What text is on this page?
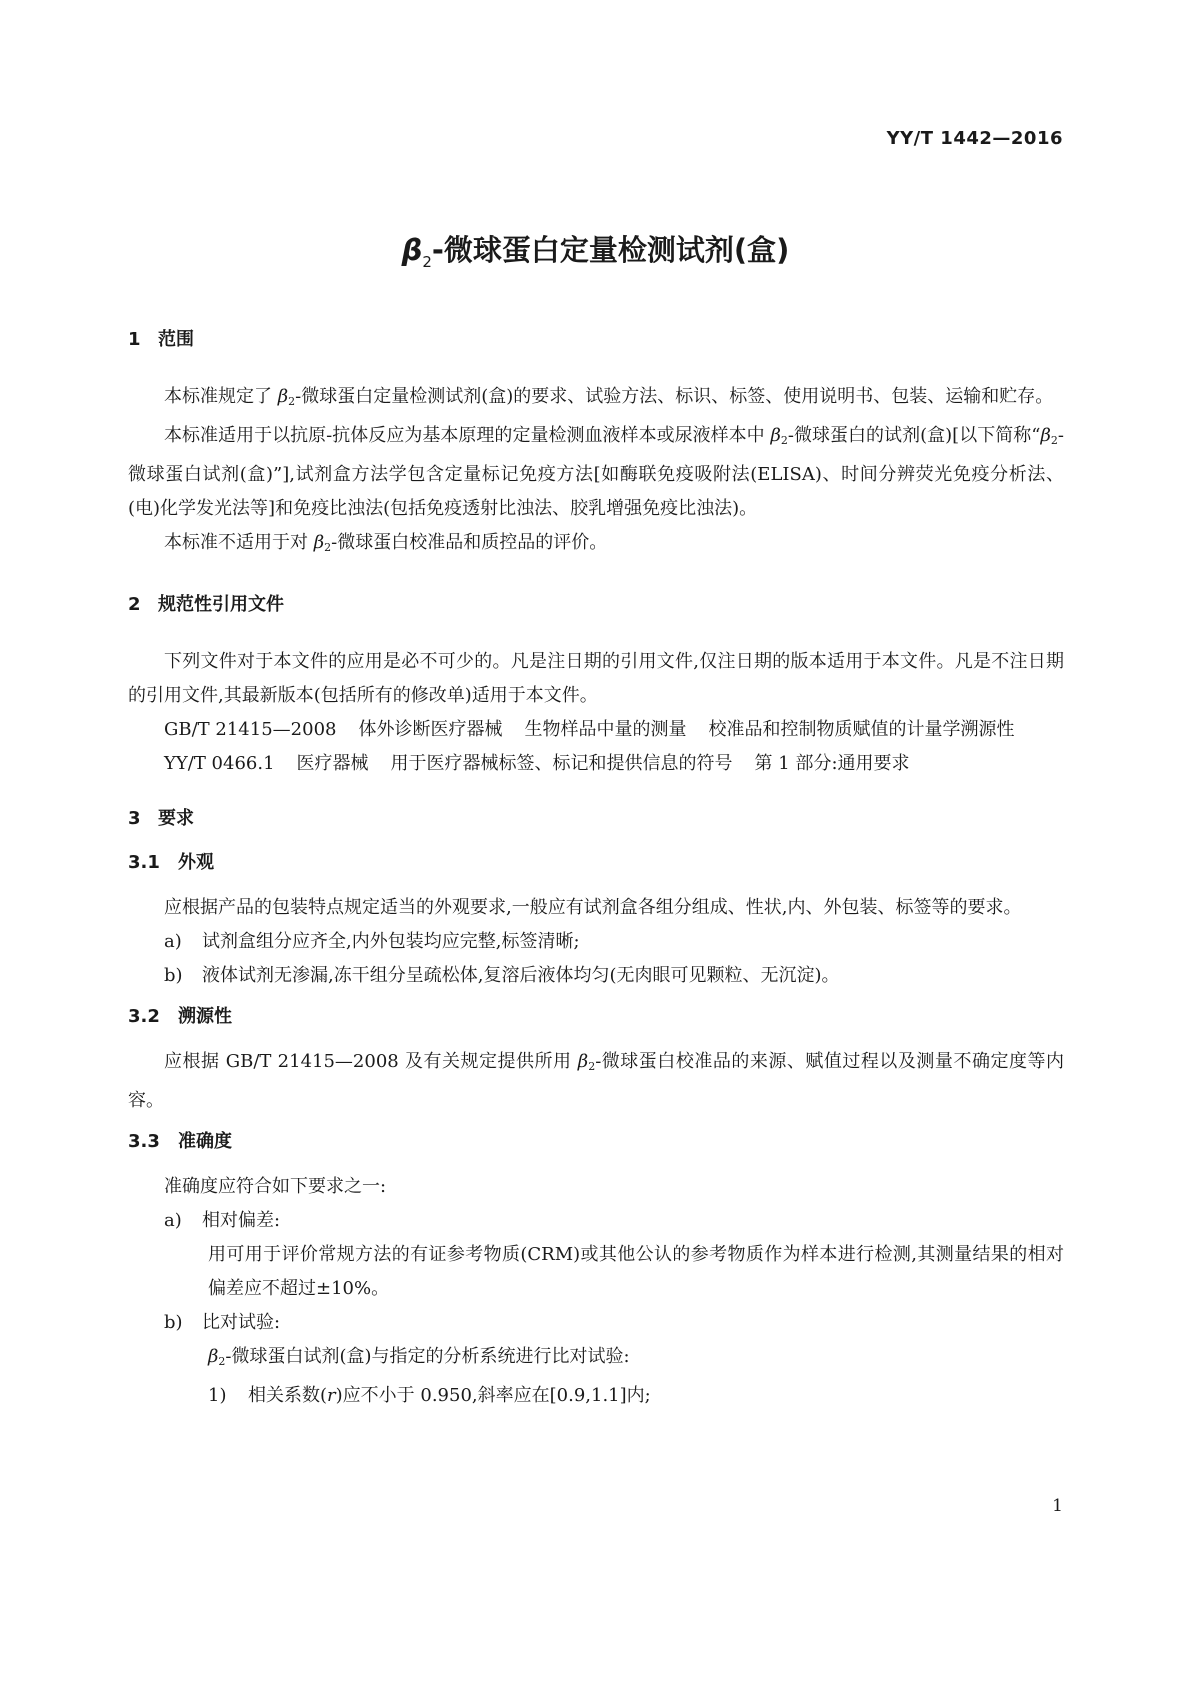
YY/T 1442—2016
$\beta_2-$微球蛋白定量检测试剂(盒)
1 范围

本标准规定了 β2-微球蛋白定量检测试剂(盒)的要求、试验方法、标识、标签、使用说明书、包装、运输和贮存。

本标准适用于以抗原-抗体反应为基本原理的定量检测血液样本或尿液样本中 β2-微球蛋白的试剂(盒)[以下简称“β2-微球蛋白试剂(盒)”],试剂盒方法学包含定量标记免疫方法[如酶联免疫吸附法(ELISA)、时间分辨荧光免疫分析法、(电)化学发光法等]和免疫比浊法(包括免疫透射比浊法、胶乳增强免疫比浊法)。

本标准不适用于对 β2-微球蛋白校准品和质控品的评价。

2 规范性引用文件

下列文件对于本文件的应用是必不可少的。凡是注日期的引用文件,仅注日期的版本适用于本文件。凡是不注日期的引用文件,其最新版本(包括所有的修改单)适用于本文件。

GB/T 21415—2008 体外诊断医疗器械 生物样品中量的测量 校准品和控制物质赋值的计量学溯源性

YY/T 0466.1 医疗器械 用于医疗器械标签、标记和提供信息的符号 第 1 部分:通用要求

3 要求
3.1 外观

应根据产品的包装特点规定适当的外观要求,一般应有试剂盒各组分组成、性状,内、外包装、标签等的要求。

a) 试剂盒组分应齐全,内外包装均应完整,标签清晰;

b) 液体试剂无渗漏,冻干组分呈疏松体,复溶后液体均匀(无肉眼可见颗粒、无沉淀)。

3.2 溯源性

应根据 GB/T 21415—2008 及有关规定提供所用 β2-微球蛋白校准品的来源、赋值过程以及测量不确定度等内容。

3.3 准确度

准确度应符合如下要求之一:

a) 相对偏差:

用可用于评价常规方法的有证参考物质(CRM)或其他公认的参考物质作为样本进行检测,其测量结果的相对偏差应不超过±10%。

b) 比对试验:

β2-微球蛋白试剂(盒)与指定的分析系统进行比对试验:

1) 相关系数(r)应不小于 0.950,斜率应在[0.9,1.1]内;

1
